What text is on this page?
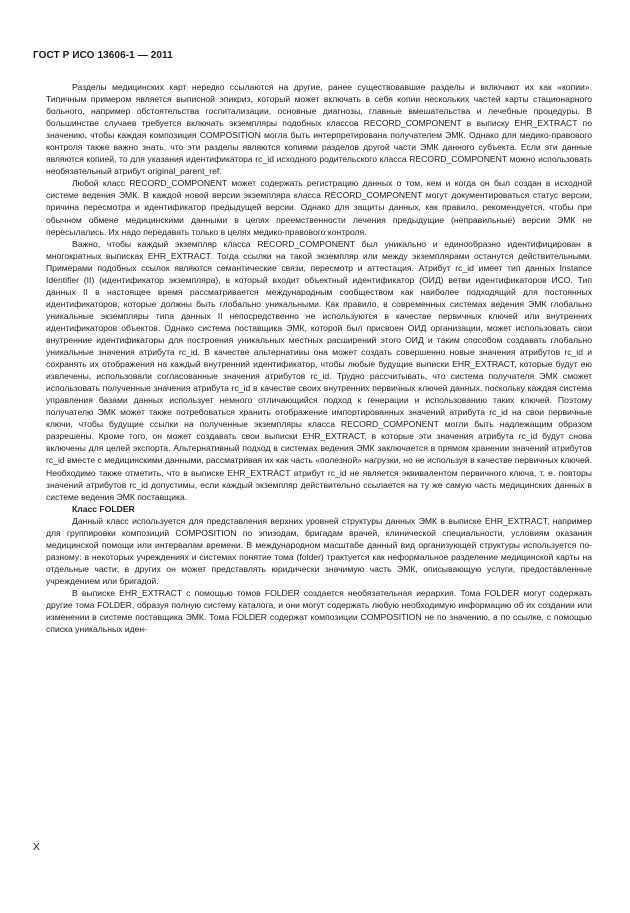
ГОСТ Р ИСО 13606-1 — 2011

Разделы медицинских карт нередко ссылаются на другие, ранее существовавшие разделы и включают их как «копии». Типичным примером является выписной эпикриз, который может включать в себя копии нескольких частей карты стационарного больного, например обстоятельства госпитализации, основные диагнозы, главные вмешательства и лечебные процедуры. В большинстве случаев требуется включать экземпляры подобных классов RECORD_COMPONENT в выписку EHR_EXTRACT по значению, чтобы каждая композиция COMPOSITION могла быть интерпретирована получателем ЭМК. Однако для медико-правового контроля также важно знать, что эти разделы являются копиями разделов другой части ЭМК данного субъекта. Если эти данные являются копией, то для указания идентификатора rc_id исходного родительского класса RECORD_COMPONENT можно использовать необязательный атрибут original_parent_ref.

Любой класс RECORD_COMPONENT может содержать регистрацию данных о том, кем и когда он был создан в исходной системе ведения ЭМК. В каждой новой версии экземпляра класса RECORD_COMPONENT могут документироваться статус версии, причина пересмотра и идентификатор предыдущей версии. Однако для защиты данных, как правило, рекомендуется, чтобы при обычном обмене медицинскими данными в целях преемственности лечения предыдущие (неправильные) версии ЭМК не пересылались. Их надо передавать только в целях медико-правового контроля.

Важно, чтобы каждый экземпляр класса RECORD_COMPONENT был уникально и единообразно идентифицирован в многократных выписках EHR_EXTRACT. Тогда ссылки на такой экземпляр или между экземплярами останутся действительными. Примерами подобных ссылок являются семантические связи, пересмотр и аттестация. Атрибут rc_id имеет тип данных Instance Identifier (II) (идентификатор экземпляра), в который входит объектный идентификатор (ОИД) ветви идентификаторов ИСО. Тип данных II в настоящее время рассматривается международным сообществом как наиболее подходящий для постоянных идентификаторов, которые должны быть глобально уникальными. Как правило, в современных системах ведения ЭМК глобально уникальные экземпляры типа данных II непосредственно не используются в качестве первичных ключей или внутренних идентификаторов объектов. Однако система поставщика ЭМК, которой был присвоен ОИД организации, может использовать свои внутренние идентификаторы для построения уникальных местных расширений этого ОИД и таким способом создавать глобально уникальные значения атрибута rc_id. В качестве альтернативы она может создать совершенно новые значения атрибутов rc_id и сохранять их отображения на каждый внутренний идентификатор, чтобы любые будущие выписки EHR_EXTRACT, которые будут ею извлечены, использовали согласованные значения атрибутов rc_id. Трудно рассчитывать, что система получателя ЭМК сможет использовать полученные значения атрибута rc_id в качестве своих внутренних первичных ключей данных, поскольку каждая система управления базами данных использует немного отличающийся подход к генерации и использованию таких ключей. Поэтому получателю ЭМК может также потребоваться хранить отображение импортированных значений атрибута rc_id на свои первичные ключи, чтобы будущие ссылки на полученные экземпляры класса RECORD_COMPONENT могли быть надлежащим образом разрешены. Кроме того, он может создавать свои выписки EHR_EXTRACT, в которые эти значения атрибута rc_id будут снова включены для целей экспорта. Альтернативный подход в системах ведения ЭМК заключается в прямом хранении значений атрибутов rc_id вместе с медицинскими данными, рассматривая их как часть «полезной» нагрузки, но не используя в качестве первичных ключей. Необходимо также отметить, что в выписке EHR_EXTRACT атрибут rc_id не является эквивалентом первичного ключа, т. е. повторы значений атрибутов rc_id допустимы, если каждый экземпляр действительно ссылается на ту же самую часть медицинских данных в системе ведения ЭМК поставщика.

Класс FOLDER

Данный класс используется для представления верхних уровней структуры данных ЭМК в выписке EHR_EXTRACT, например для группировки композиций COMPOSITION по эпизодам, бригадам врачей, клинической специальности, условиям оказания медицинской помощи или интервалам времени. В международном масштабе данный вид организующей структуры используется по-разному: в некоторых учреждениях и системах понятие тома (folder) трактуется как неформальное разделение медицинской карты на отдельные части; в других он может представлять юридически значимую часть ЭМК, описывающую услуги, предоставленные учреждением или бригадой.

В выписке EHR_EXTRACT с помощью томов FOLDER создается необязательная иерархия. Тома FOLDER могут содержать другие тома FOLDER, образуя полную систему каталога, и они могут содержать любую необходимую информацию об их создании или изменении в системе поставщика ЭМК. Тома FOLDER содержат композиции COMPOSITION не по значению, а по ссылке, с помощью списка уникальных иден-

X
